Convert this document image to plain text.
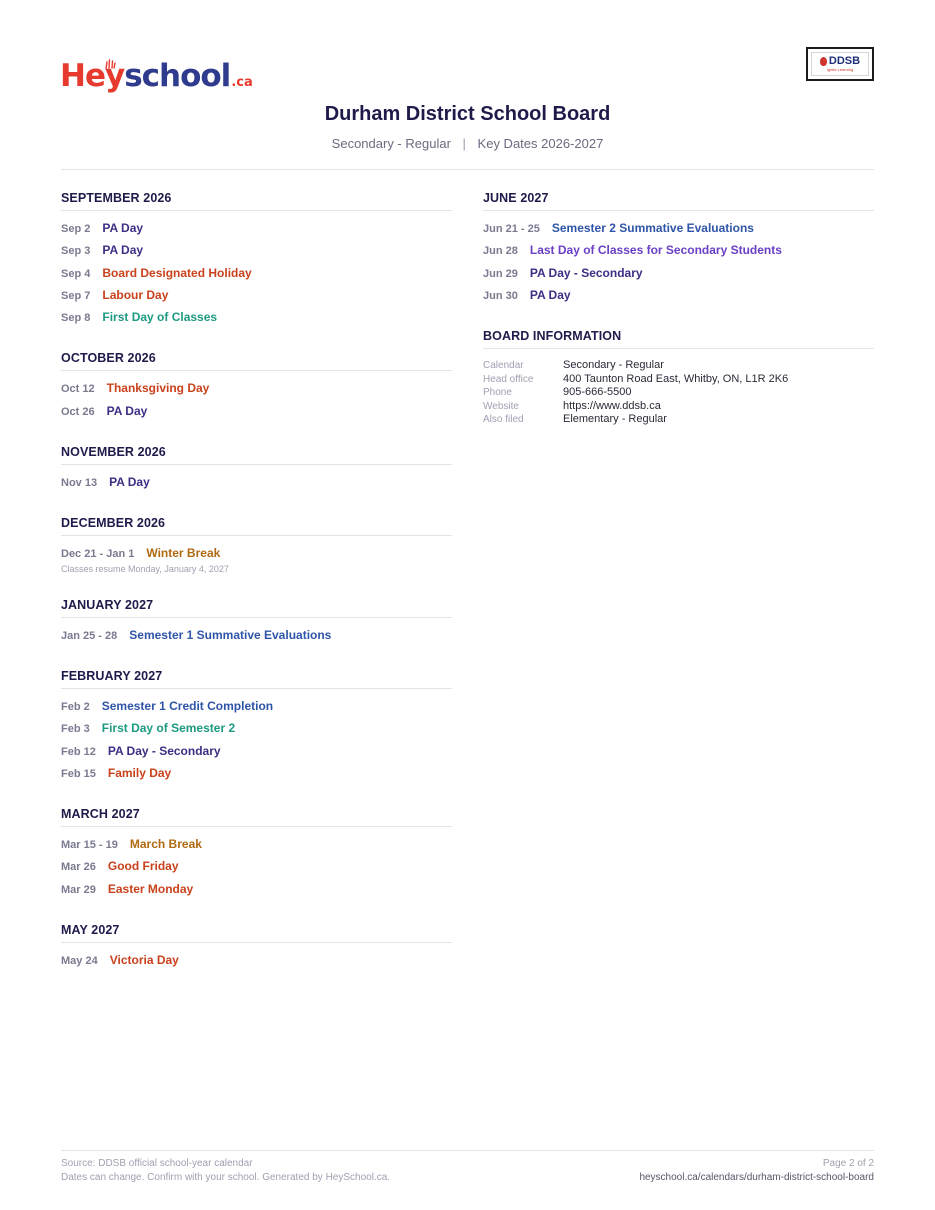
Hey school .ca
DDSB
Ignite Learning
Durham District School Board
Secondary - Regular | Key Dates 2026-2027
SEPTEMBER 2026
Sep 2 PA Day
Sep 3 PA Day
Sep 4 Board Designated Holiday
Sep 7 Labour Day
Sep 8 First Day of Classes
OCTOBER 2026
Oct 12 Thanksgiving Day
Oct 26 PA Day
NOVEMBER 2026
Nov 13 PA Day
DECEMBER 2026
Dec 21 - Jan 1 Winter Break
Classes resume Monday, January 4, 2027
JANUARY 2027
Jan 25 - 28 Semester 1 Summative Evaluations
FEBRUARY 2027
Feb 2 Semester 1 Credit Completion
Feb 3 First Day of Semester 2
Feb 12 PA Day - Secondary
Feb 15 Family Day
MARCH 2027
Mar 15 - 19 March Break
Mar 26 Good Friday
Mar 29 Easter Monday
MAY 2027
May 24 Victoria Day
JUNE 2027
Jun 21 - 25 Semester 2 Summative Evaluations
Jun 28 Last Day of Classes for Secondary Students
Jun 29 PA Day - Secondary
Jun 30 PA Day
BOARD INFORMATION
Calendar	Secondary - Regular
Head office	400 Taunton Road East, Whitby, ON, L1R 2K6
Phone	905-666-5500
Website	https://www.ddsb.ca
Also filed	Elementary - Regular
Source: DDSB official school-year calendar
Dates can change. Confirm with your school. Generated by HeySchool.ca.
Page 2 of 2
heyschool.ca/calendars/durham-district-school-board
